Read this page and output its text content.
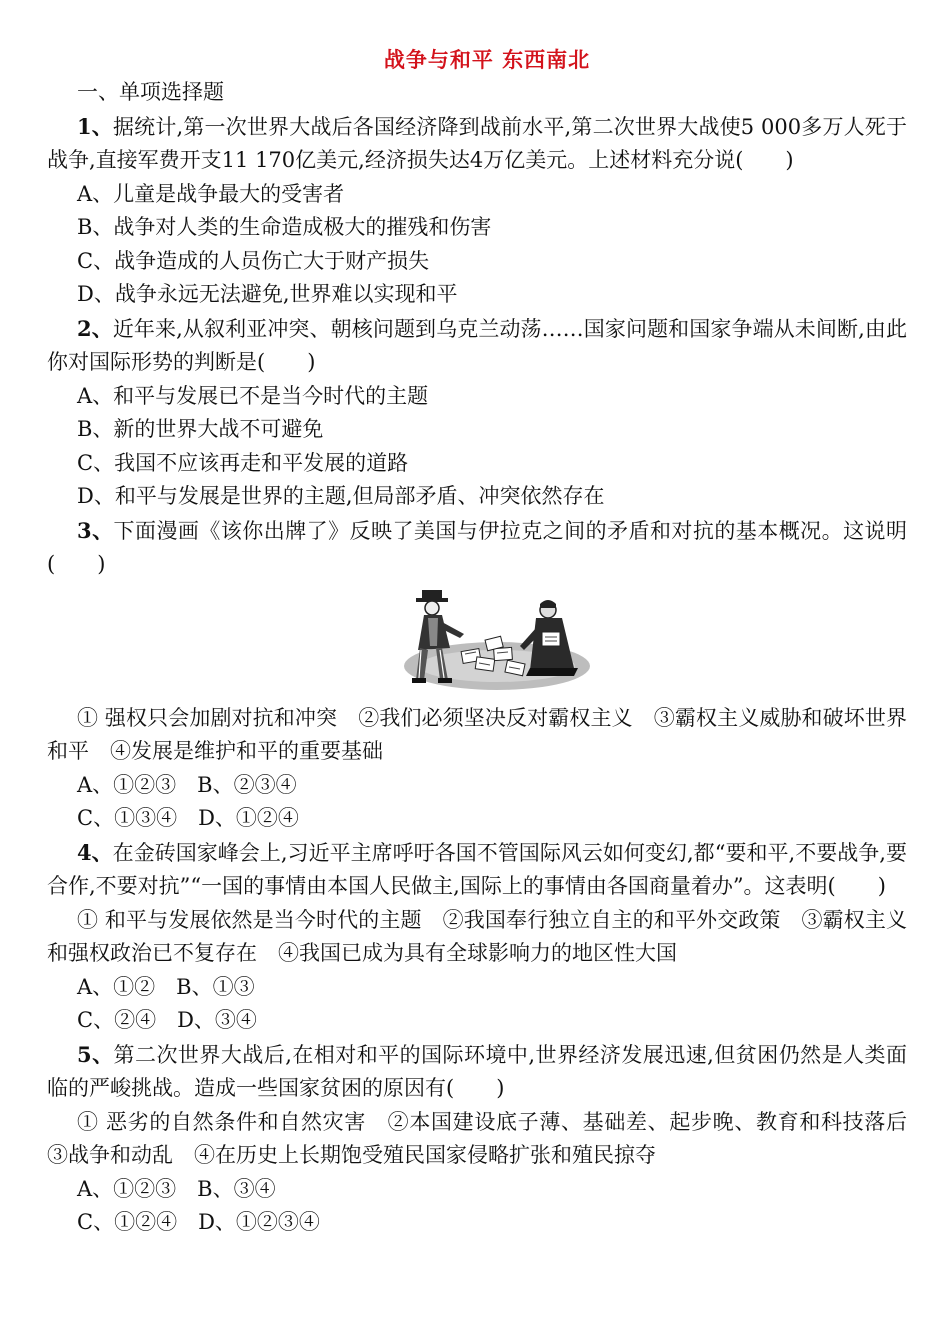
战争与和平 东西南北
一、单项选择题

1、据统计,第一次世界大战后各国经济降到战前水平,第二次世界大战使5 000多万人死于战争,直接军费开支11 170亿美元,经济损失达4万亿美元。上述材料充分说(　　)

A、儿童是战争最大的受害者
B、战争对人类的生命造成极大的摧残和伤害
C、战争造成的人员伤亡大于财产损失
D、战争永远无法避免,世界难以实现和平

2、近年来,从叙利亚冲突、朝核问题到乌克兰动荡……国家问题和国家争端从未间断,由此你对国际形势的判断是(　　)

A、和平与发展已不是当今时代的主题
B、新的世界大战不可避免
C、我国不应该再走和平发展的道路
D、和平与发展是世界的主题,但局部矛盾、冲突依然存在

3、下面漫画《该你出牌了》反映了美国与伊拉克之间的矛盾和对抗的基本概况。这说明(　　)

① 强权只会加剧对抗和冲突　②我们必须坚决反对霸权主义　③霸权主义威胁和破坏世界和平　④发展是维护和平的重要基础

A、①②③　B、②③④
C、①③④　D、①②④

4、在金砖国家峰会上,习近平主席呼吁各国不管国际风云如何变幻,都“要和平,不要战争,要合作,不要对抗”“一国的事情由本国人民做主,国际上的事情由各国商量着办”。这表明(　　)

① 和平与发展依然是当今时代的主题　②我国奉行独立自主的和平外交政策　③霸权主义和强权政治已不复存在　④我国已成为具有全球影响力的地区性大国

A、①②　B、①③
C、②④　D、③④

5、第二次世界大战后,在相对和平的国际环境中,世界经济发展迅速,但贫困仍然是人类面临的严峻挑战。造成一些国家贫困的原因有(　　)

① 恶劣的自然条件和自然灾害　②本国建设底子薄、基础差、起步晚、教育和科技落后　③战争和动乱　④在历史上长期饱受殖民国家侵略扩张和殖民掠夺

A、①②③　B、③④
C、①②④　D、①②③④
